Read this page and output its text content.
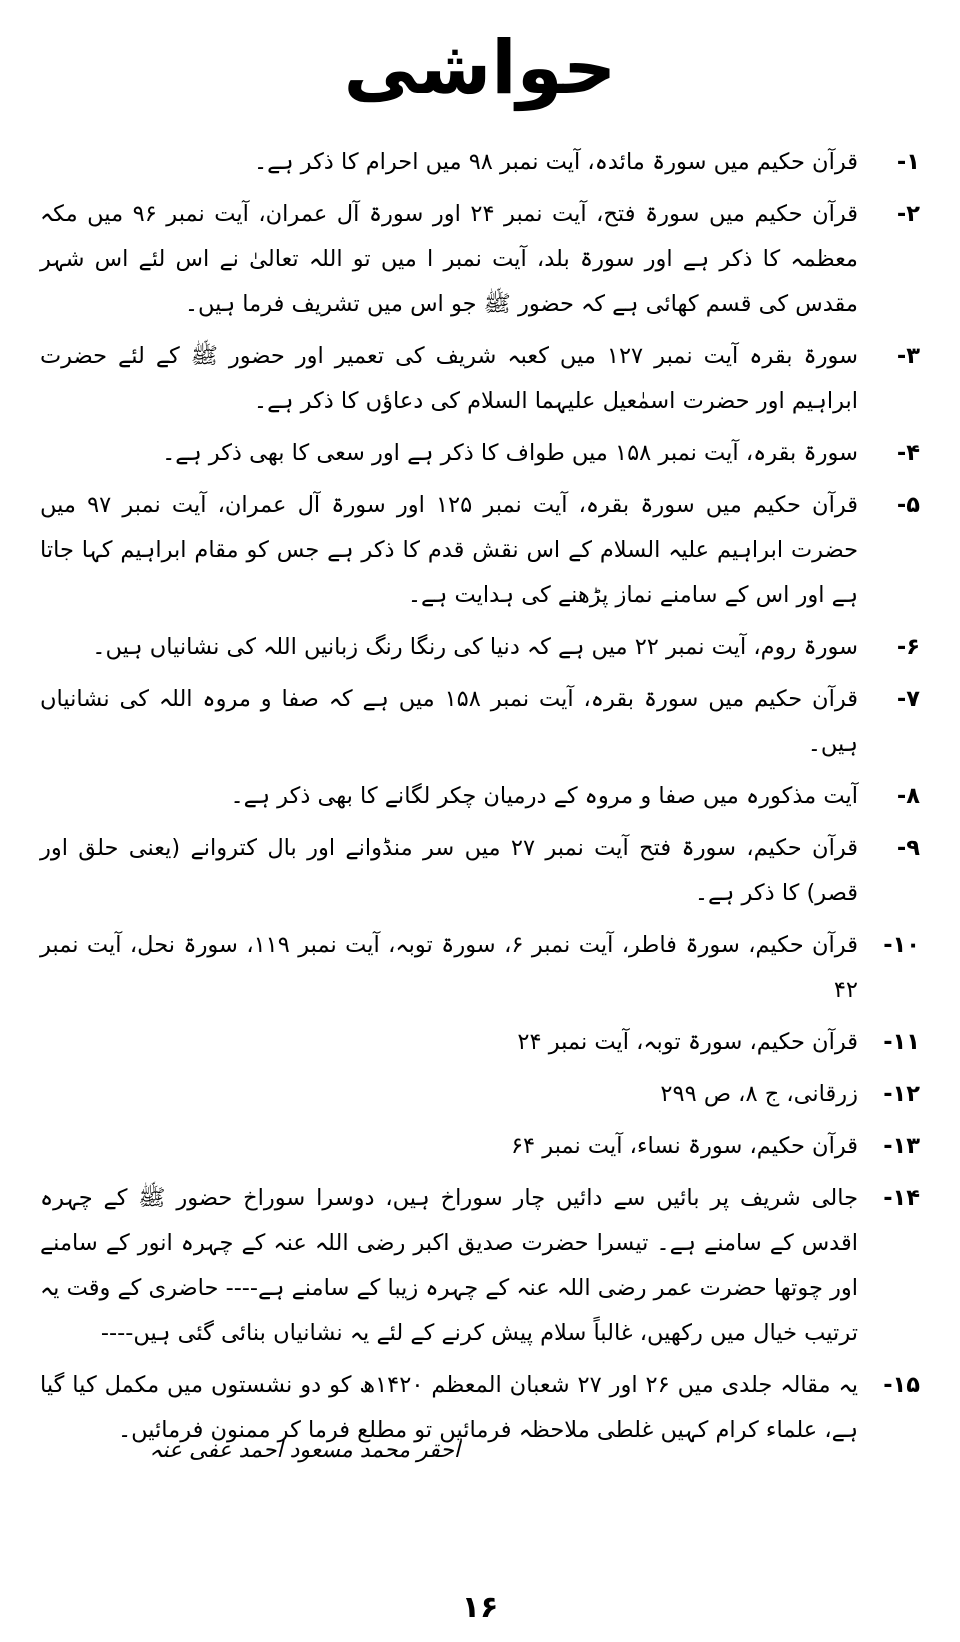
حواشی
۱-
قرآن حکیم میں سورۃ مائدہ، آیت نمبر ۹۸ میں احرام کا ذکر ہے۔
۲-
قرآن حکیم میں سورۃ فتح، آیت نمبر ۲۴ اور سورۃ آل عمران، آیت نمبر ۹۶ میں مکہ معظمہ کا ذکر ہے اور سورۃ بلد، آیت نمبر ا میں تو اللہ تعالیٰ نے اس لئے اس شہر مقدس کی قسم کھائی ہے کہ حضور ﷺ جو اس میں تشریف فرما ہیں۔
۳-
سورۃ بقرہ آیت نمبر ۱۲۷ میں کعبہ شریف کی تعمیر اور حضور ﷺ کے لئے حضرت ابراہیم اور حضرت اسمٰعیل علیہما السلام کی دعاؤں کا ذکر ہے۔
۴-
سورۃ بقرہ، آیت نمبر ۱۵۸ میں طواف کا ذکر ہے اور سعی کا بھی ذکر ہے۔
۵-
قرآن حکیم میں سورۃ بقرہ، آیت نمبر ۱۲۵ اور سورۃ آل عمران، آیت نمبر ۹۷ میں حضرت ابراہیم علیہ السلام کے اس نقش قدم کا ذکر ہے جس کو مقام ابراہیم کہا جاتا ہے اور اس کے سامنے نماز پڑھنے کی ہدایت ہے۔
۶-
سورۃ روم، آیت نمبر ۲۲ میں ہے کہ دنیا کی رنگا رنگ زبانیں اللہ کی نشانیاں ہیں۔
۷-
قرآن حکیم میں سورۃ بقرہ، آیت نمبر ۱۵۸ میں ہے کہ صفا و مروہ اللہ کی نشانیاں ہیں۔
۸-
آیت مذکورہ میں صفا و مروہ کے درمیان چکر لگانے کا بھی ذکر ہے۔
۹-
قرآن حکیم، سورۃ فتح آیت نمبر ۲۷ میں سر منڈوانے اور بال کتروانے (یعنی حلق اور قصر) کا ذکر ہے۔
۱۰-
قرآن حکیم، سورۃ فاطر، آیت نمبر ۶، سورۃ توبہ، آیت نمبر ۱۱۹، سورۃ نحل، آیت نمبر ۴۲
۱۱-
قرآن حکیم، سورۃ توبہ، آیت نمبر ۲۴
۱۲-
زرقانی، ج ۸، ص ۲۹۹
۱۳-
قرآن حکیم، سورۃ نساء، آیت نمبر ۶۴
۱۴-
جالی شریف پر بائیں سے دائیں چار سوراخ ہیں، دوسرا سوراخ حضور ﷺ کے چہرہ اقدس کے سامنے ہے۔ تیسرا حضرت صدیق اکبر رضی اللہ عنہ کے چہرہ انور کے سامنے اور چوتھا حضرت عمر رضی اللہ عنہ کے چہرہ زیبا کے سامنے ہے---- حاضری کے وقت یہ ترتیب خیال میں رکھیں، غالباً سلام پیش کرنے کے لئے یہ نشانیاں بنائی گئی ہیں----
۱۵-
یہ مقالہ جلدی میں ۲۶ اور ۲۷ شعبان المعظم ۱۴۲۰ھ کو دو نشستوں میں مکمل کیا گیا ہے، علماء کرام کہیں غلطی ملاحظہ فرمائیں تو مطلع فرما کر ممنون فرمائیں۔
احقر محمد مسعود احمد عفی عنہ
۱۶
